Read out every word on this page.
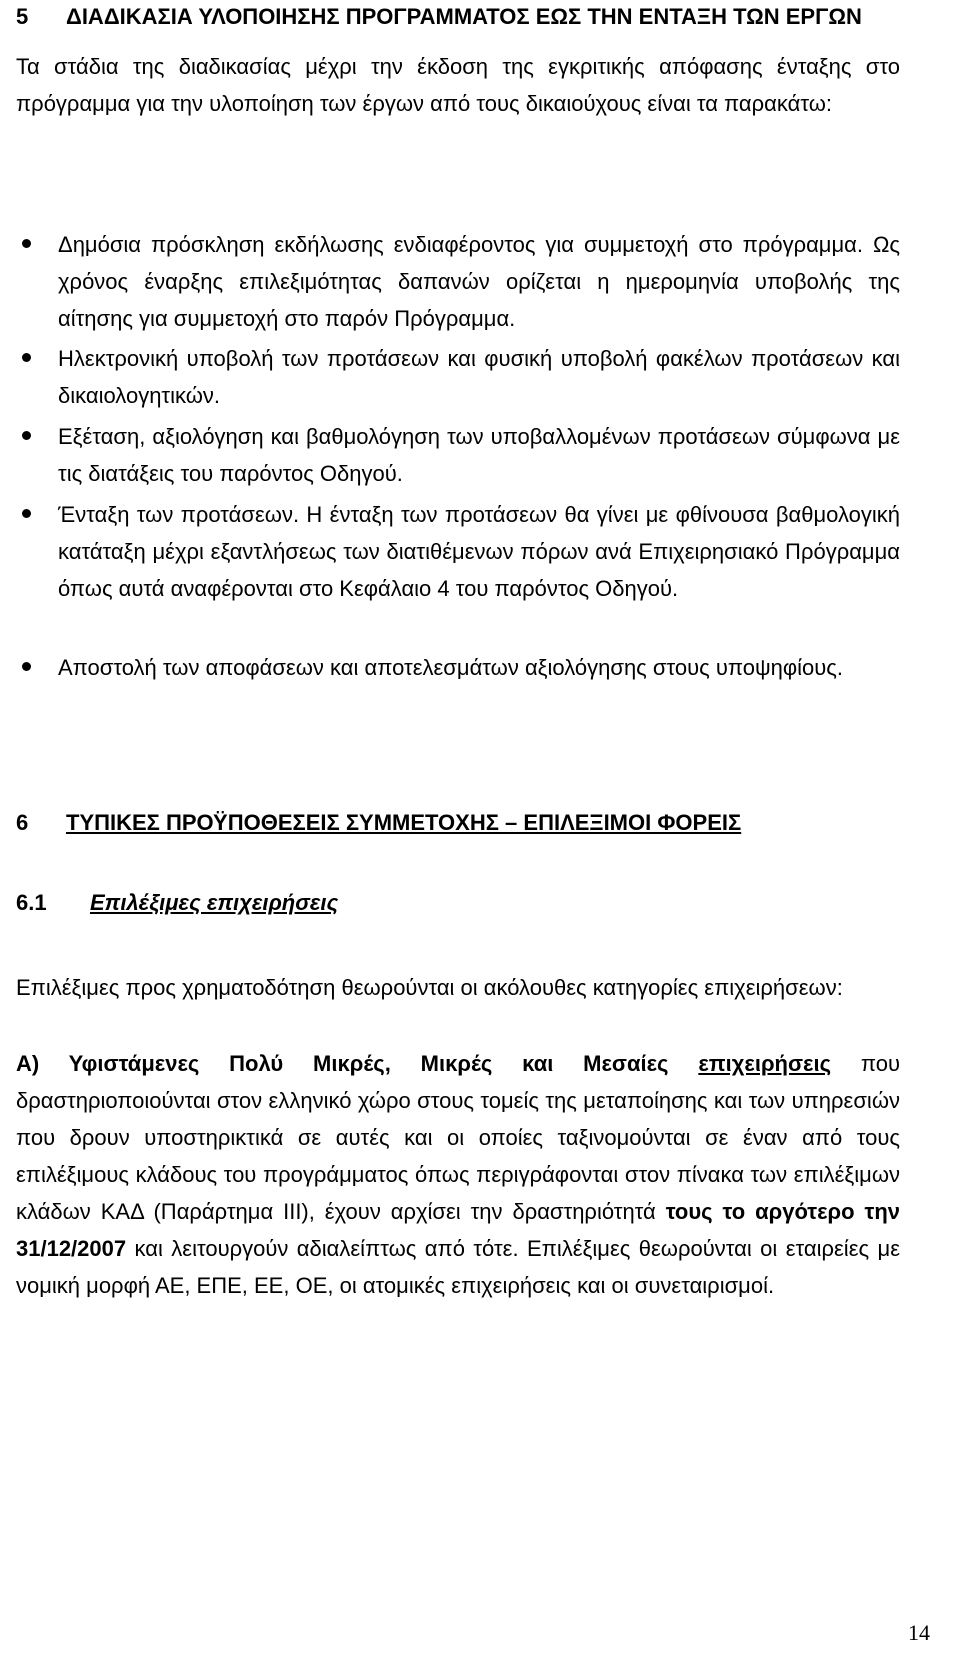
5 ΔΙΑΔΙΚΑΣΙΑ ΥΛΟΠΟΙΗΣΗΣ ΠΡΟΓΡΑΜΜΑΤΟΣ ΕΩΣ ΤΗΝ ΕΝΤΑΞΗ ΤΩΝ ΕΡΓΩΝ
Τα στάδια της διαδικασίας μέχρι την έκδοση της εγκριτικής απόφασης ένταξης στο πρόγραμμα για την υλοποίηση των έργων από τους δικαιούχους είναι τα παρακάτω:
Δημόσια πρόσκληση εκδήλωσης ενδιαφέροντος για συμμετοχή στο πρόγραμμα. Ως χρόνος έναρξης επιλεξιμότητας δαπανών ορίζεται η ημερομηνία υποβολής της αίτησης για συμμετοχή στο παρόν Πρόγραμμα.
Ηλεκτρονική υποβολή των προτάσεων και φυσική υποβολή φακέλων προτάσεων και δικαιολογητικών.
Εξέταση, αξιολόγηση και βαθμολόγηση των υποβαλλομένων προτάσεων σύμφωνα με τις διατάξεις του παρόντος Οδηγού.
Ένταξη των προτάσεων. Η ένταξη των προτάσεων θα γίνει με φθίνουσα βαθμολογική κατάταξη μέχρι εξαντλήσεως των διατιθέμενων πόρων ανά Επιχειρησιακό Πρόγραμμα όπως αυτά αναφέρονται στο Κεφάλαιο 4 του παρόντος Οδηγού.
Αποστολή των αποφάσεων και αποτελεσμάτων αξιολόγησης στους υποψηφίους.
6 ΤΥΠΙΚΕΣ ΠΡΟΫΠΟΘΕΣΕΙΣ ΣΥΜΜΕΤΟΧΗΣ – ΕΠΙΛΕΞΙΜΟΙ ΦΟΡΕΙΣ
6.1 Επιλέξιμες επιχειρήσεις
Επιλέξιμες προς χρηματοδότηση θεωρούνται οι ακόλουθες κατηγορίες επιχειρήσεων:
Α) Υφιστάμενες Πολύ Μικρές, Μικρές και Μεσαίες επιχειρήσεις που δραστηριοποιούνται στον ελληνικό χώρο στους τομείς της μεταποίησης και των υπηρεσιών που δρουν υποστηρικτικά σε αυτές και οι οποίες ταξινομούνται σε έναν από τους επιλέξιμους κλάδους του προγράμματος όπως περιγράφονται στον πίνακα των επιλέξιμων κλάδων ΚΑΔ (Παράρτημα ΙΙΙ), έχουν αρχίσει την δραστηριότητά τους το αργότερο την 31/12/2007 και λειτουργούν αδιαλείπτως από τότε. Επιλέξιμες θεωρούνται οι εταιρείες με νομική μορφή ΑΕ, ΕΠΕ, ΕΕ, ΟΕ, οι ατομικές επιχειρήσεις και οι συνεταιρισμοί.
14
